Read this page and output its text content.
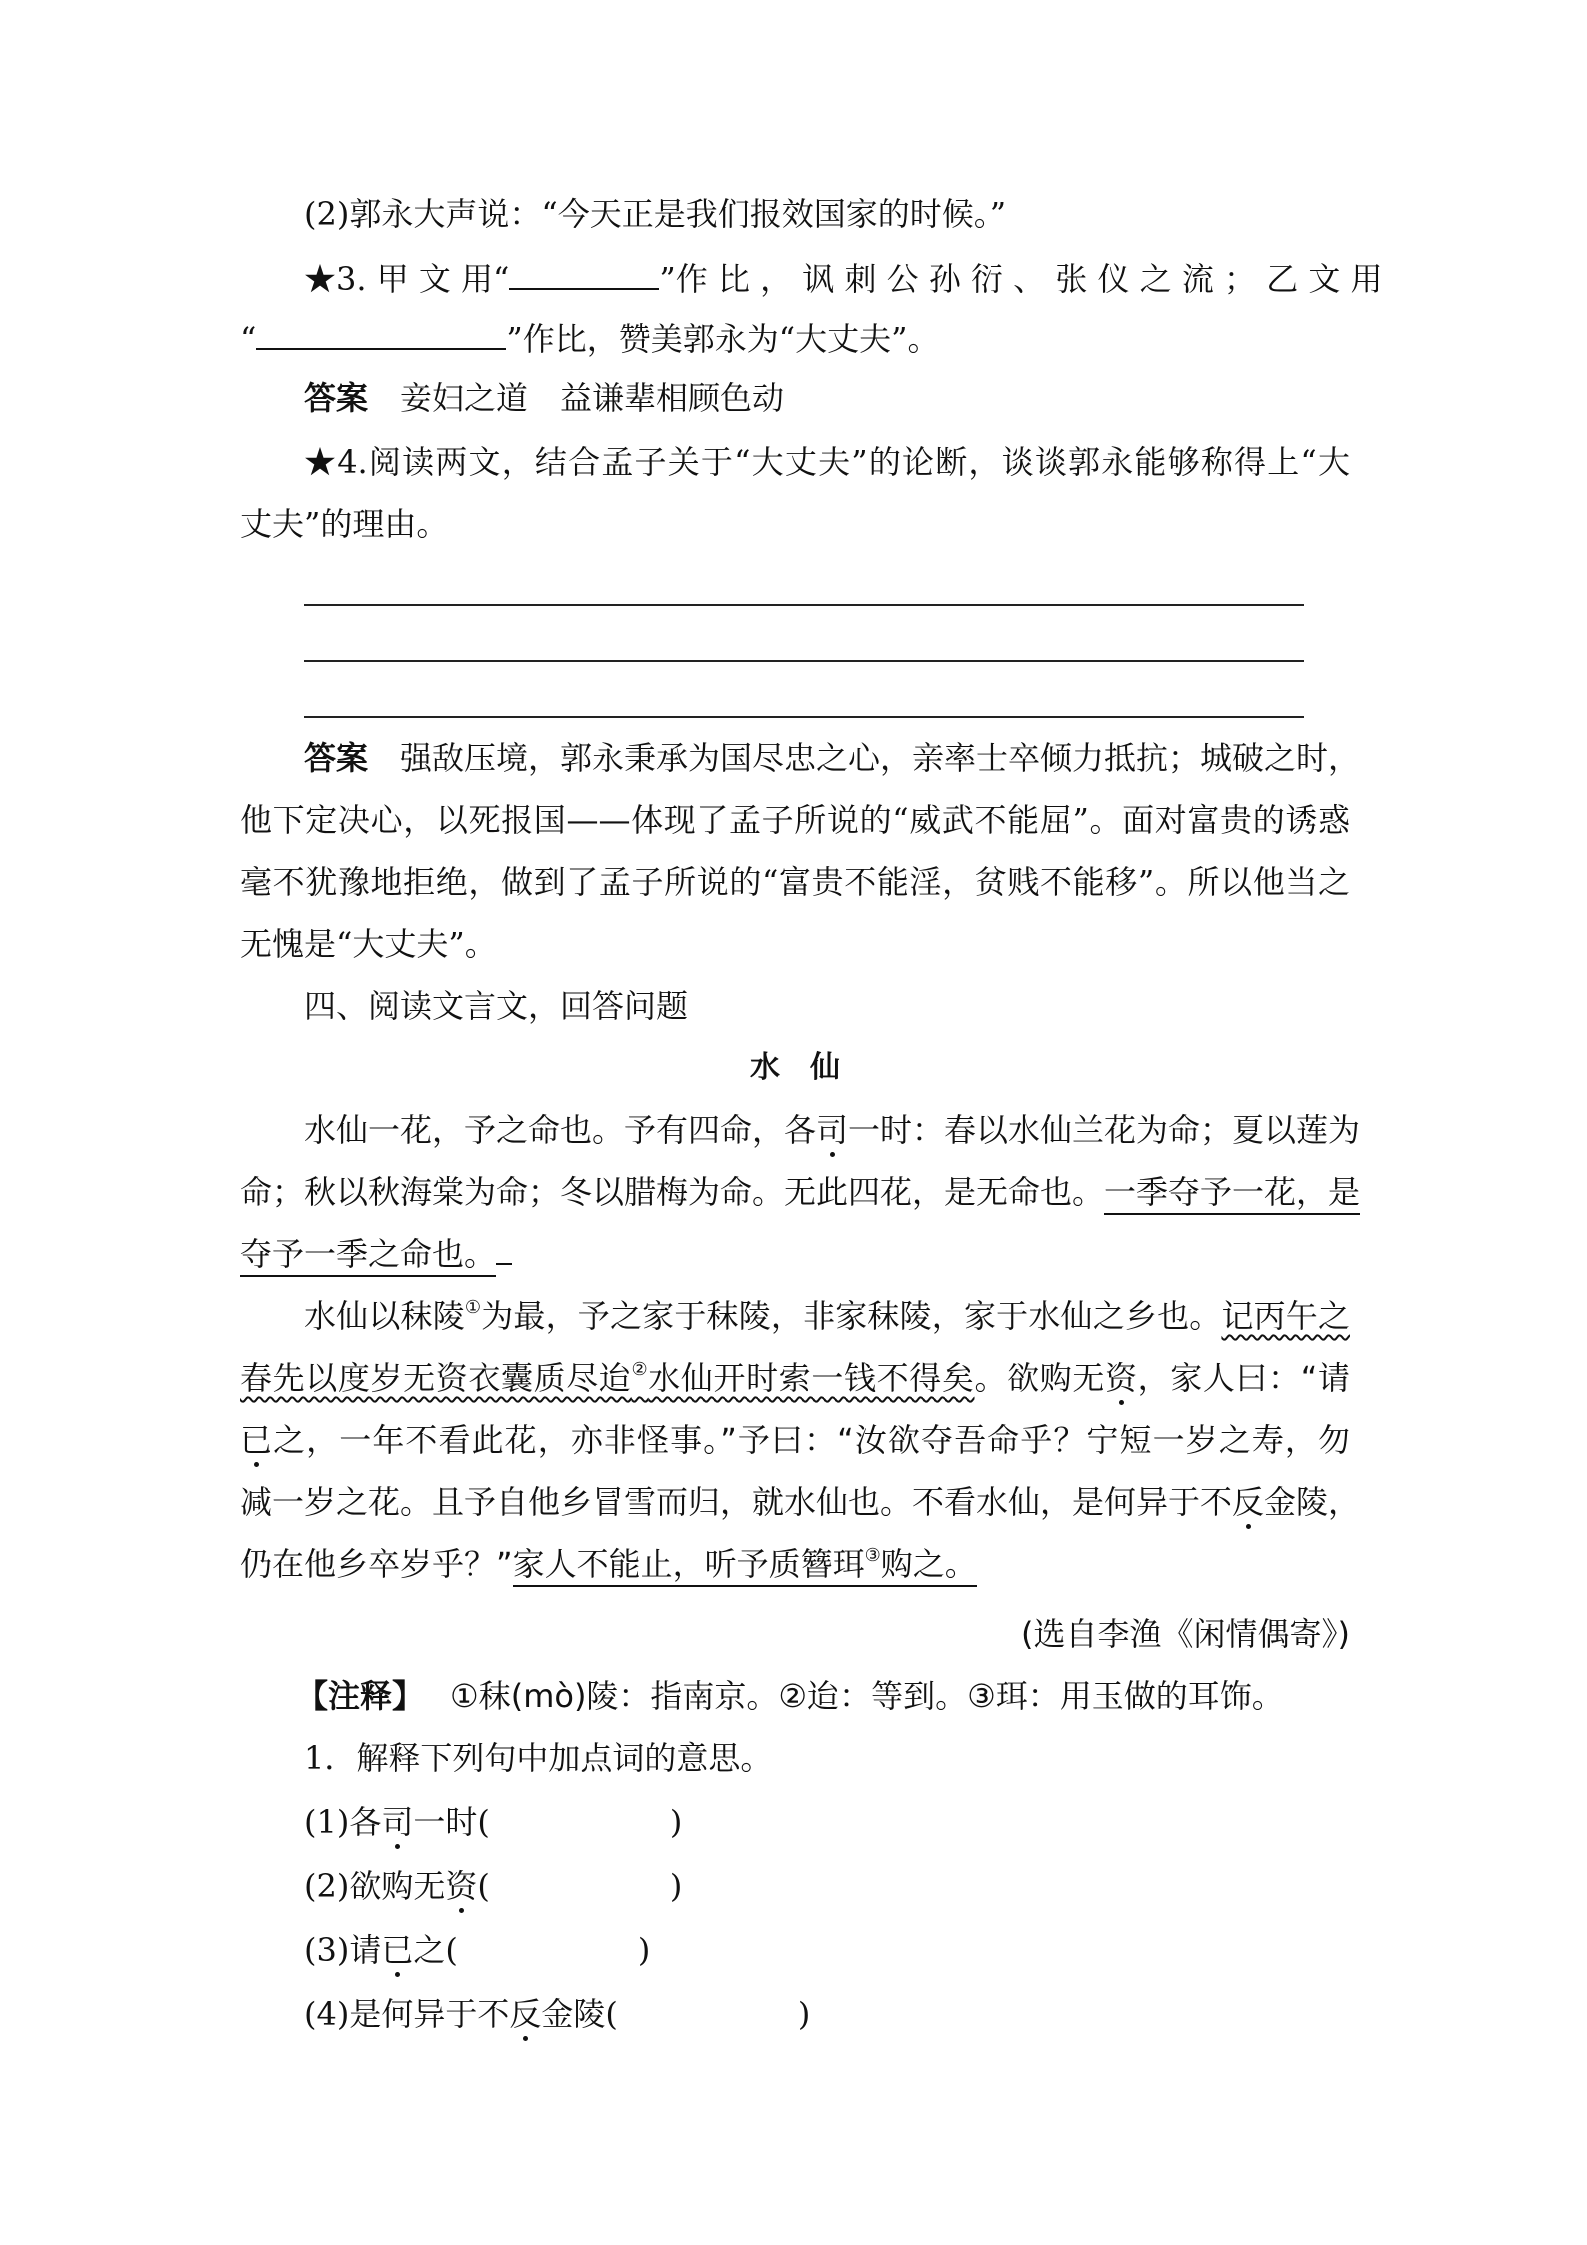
(2)郭永大声说：“今天正是我们报效国家的时候。”
★3. 甲 文 用“	”作 比 ， 讽 刺 公 孙 衍 、 张 仪 之 流 ； 乙 文 用
“	”作比，赞美郭永为“大丈夫”。
答案 妾妇之道　益谦辈相顾色动
★4.阅读两文，结合孟子关于“大丈夫”的论断，谈谈郭永能够称得上“大
丈夫”的理由。
答案 强敌压境，郭永秉承为国尽忠之心，亲率士卒倾力抵抗；城破之时，
他下定决心，以死报国——体现了孟子所说的“威武不能屈”。面对富贵的诱惑
毫不犹豫地拒绝，做到了孟子所说的“富贵不能淫，贫贱不能移”。所以他当之
无愧是“大丈夫”。
四、阅读文言文，回答问题
水　仙
水仙一花，予之命也。予有四命，各司一时：春以水仙兰花为命；夏以莲为
命；秋以秋海棠为命；冬以腊梅为命。无此四花，是无命也。一季夺予一花，是
夺予一季之命也。
水仙以秣陵①为最，予之家于秣陵，非家秣陵，家于水仙之乡也。记丙午之
春先以度岁无资衣囊质尽迨②水仙开时索一钱不得矣。欲购无资，家人曰：“请
已之，一年不看此花，亦非怪事。”予曰：“汝欲夺吾命乎？宁短一岁之寿，勿
减一岁之花。且予自他乡冒雪而归，就水仙也。不看水仙，是何异于不反金陵，
仍在他乡卒岁乎？”家人不能止，听予质簪珥③购之。
(选自李渔《闲情偶寄》)
【注释】 ①秣(mò)陵：指南京。②迨：等到。③珥：用玉做的耳饰。
1．解释下列句中加点词的意思。
(1)各司一时(	)
(2)欲购无资(	)
(3)请已之(	)
(4)是何异于不反金陵(	)
